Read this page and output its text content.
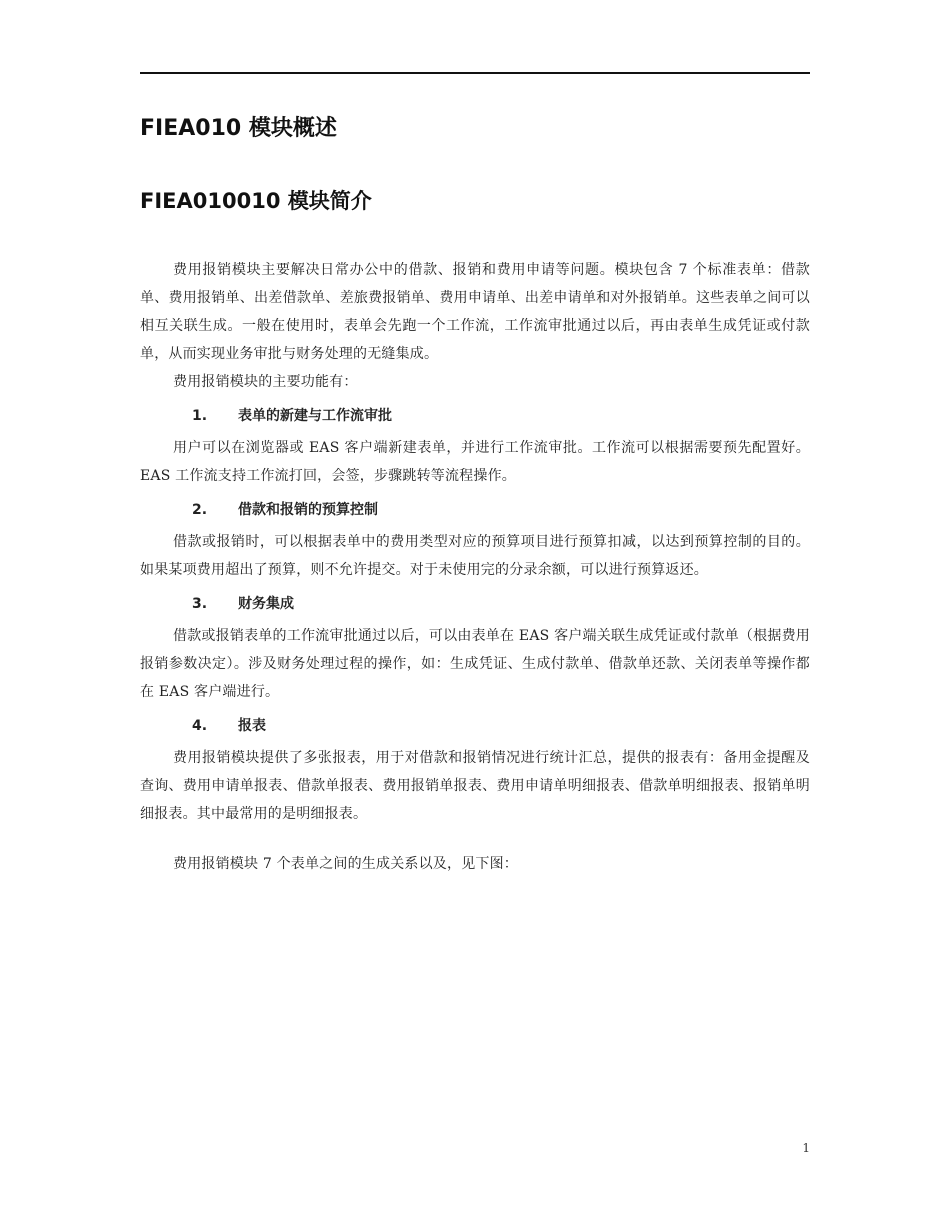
FIEA010 模块概述
FIEA010010 模块简介

费用报销模块主要解决日常办公中的借款、报销和费用申请等问题。模块包含 7 个标准表单：借款单、费用报销单、出差借款单、差旅费报销单、费用申请单、出差申请单和对外报销单。这些表单之间可以相互关联生成。一般在使用时，表单会先跑一个工作流，工作流审批通过以后，再由表单生成凭证或付款单，从而实现业务审批与财务处理的无缝集成。

费用报销模块的主要功能有：

1.	表单的新建与工作流审批

用户可以在浏览器或 EAS 客户端新建表单，并进行工作流审批。工作流可以根据需要预先配置好。EAS 工作流支持工作流打回，会签，步骤跳转等流程操作。

2.	借款和报销的预算控制

借款或报销时，可以根据表单中的费用类型对应的预算项目进行预算扣减，以达到预算控制的目的。如果某项费用超出了预算，则不允许提交。对于未使用完的分录余额，可以进行预算返还。

3.	财务集成

借款或报销表单的工作流审批通过以后，可以由表单在 EAS 客户端关联生成凭证或付款单（根据费用报销参数决定）。涉及财务处理过程的操作，如：生成凭证、生成付款单、借款单还款、关闭表单等操作都在 EAS 客户端进行。

4.	报表

费用报销模块提供了多张报表，用于对借款和报销情况进行统计汇总，提供的报表有：备用金提醒及查询、费用申请单报表、借款单报表、费用报销单报表、费用申请单明细报表、借款单明细报表、报销单明细报表。其中最常用的是明细报表。

费用报销模块 7 个表单之间的生成关系以及，见下图：

1
